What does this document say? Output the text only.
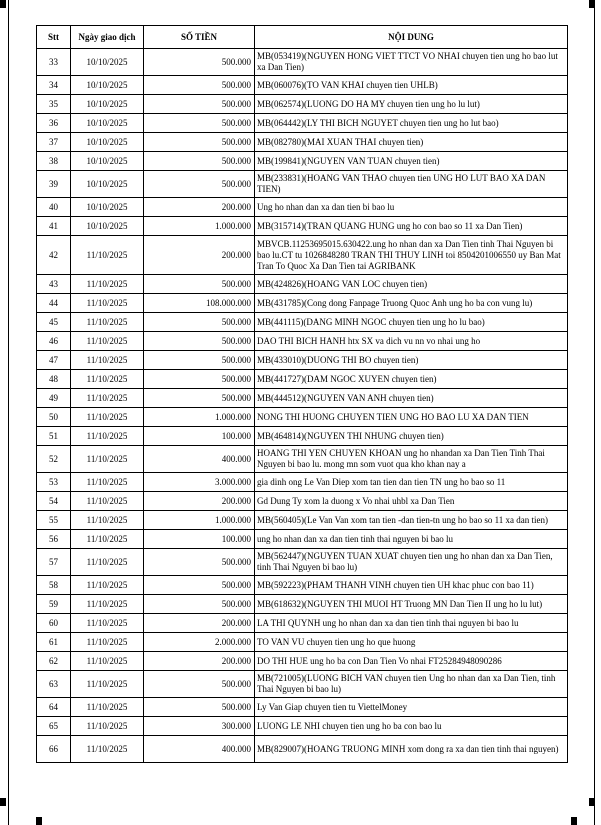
Stt	Ngày giao dịch	SỐ TIỀN	NỘI DUNG
33	10/10/2025	500.000	MB(053419)(NGUYEN HONG VIET TTCT VO NHAI chuyen tien ung ho bao lut xa Dan Tien)
34	10/10/2025	500.000	MB(060076)(TO VAN KHAI chuyen tien UHLB)
35	10/10/2025	500.000	MB(062574)(LUONG DO HA MY chuyen tien ung ho lu lut)
36	10/10/2025	500.000	MB(064442)(LY THI BICH NGUYET chuyen tien ung ho lut bao)
37	10/10/2025	500.000	MB(082780)(MAI XUAN THAI chuyen tien)
38	10/10/2025	500.000	MB(199841)(NGUYEN VAN TUAN chuyen tien)
39	10/10/2025	500.000	MB(233831)(HOANG VAN THAO chuyen tien UNG HO LUT BAO XA DAN TIEN)
40	10/10/2025	200.000	Ung ho nhan dan xa dan tien bi bao lu
41	10/10/2025	1.000.000	MB(315714)(TRAN QUANG HUNG ung ho con bao so 11 xa Dan Tien)
42	11/10/2025	200.000	MBVCB.11253695015.630422.ung ho nhan dan xa Dan Tien tinh Thai Nguyen bi bao lu.CT tu 1026848280 TRAN THI THUY LINH toi 8504201006550 uy Ban Mat Tran To Quoc Xa Dan Tien tai AGRIBANK
43	11/10/2025	500.000	MB(424826)(HOANG VAN LOC chuyen tien)
44	11/10/2025	108.000.000	MB(431785)(Cong dong Fanpage Truong Quoc Anh ung ho ba con vung lu)
45	11/10/2025	500.000	MB(441115)(DANG MINH NGOC chuyen tien ung ho lu bao)
46	11/10/2025	500.000	DAO THI BICH HANH htx SX va dich vu nn vo nhai ung ho
47	11/10/2025	500.000	MB(433010)(DUONG THI BO chuyen tien)
48	11/10/2025	500.000	MB(441727)(DAM NGOC XUYEN chuyen tien)
49	11/10/2025	500.000	MB(444512)(NGUYEN VAN ANH chuyen tien)
50	11/10/2025	1.000.000	NONG THI HUONG CHUYEN TIEN UNG HO BAO LU XA DAN TIEN
51	11/10/2025	100.000	MB(464814)(NGUYEN THI NHUNG chuyen tien)
52	11/10/2025	400.000	HOANG THI YEN CHUYEN KHOAN ung ho nhandan xa Dan Tien Tinh Thai Nguyen bi bao lu. mong mn som vuot qua kho khan nay a
53	11/10/2025	3.000.000	gia dinh ong Le Van Diep xom tan tien dan tien TN ung ho bao so 11
54	11/10/2025	200.000	Gd Dung Ty xom la duong x Vo nhai uhbl xa Dan Tien
55	11/10/2025	1.000.000	MB(560405)(Le Van Van xom tan tien -dan tien-tn ung ho bao so 11 xa dan tien)
56	11/10/2025	100.000	ung ho nhan dan xa dan tien tinh thai nguyen bi bao lu
57	11/10/2025	500.000	MB(562447)(NGUYEN TUAN XUAT chuyen tien ung ho nhan dan xa Dan Tien, tinh Thai Nguyen bi bao lu)
58	11/10/2025	500.000	MB(592223)(PHAM THANH VINH chuyen tien UH khac phuc con bao 11)
59	11/10/2025	500.000	MB(618632)(NGUYEN THI MUOI HT Truong MN Dan Tien II ung ho lu lut)
60	11/10/2025	200.000	LA THI QUYNH ung ho nhan dan xa dan tien tinh thai nguyen bi bao lu
61	11/10/2025	2.000.000	TO VAN VU chuyen tien ung ho que huong
62	11/10/2025	200.000	DO THI HUE ung ho ba con Dan Tien Vo nhai FT25284948090286
63	11/10/2025	500.000	MB(721005)(LUONG BICH VAN chuyen tien Ung ho nhan dan xa Dan Tien, tinh Thai Nguyen bi bao lu)
64	11/10/2025	500.000	Ly Van Giap chuyen tien tu ViettelMoney
65	11/10/2025	300.000	LUONG LE NHI chuyen tien ung ho ba con bao lu
66	11/10/2025	400.000	MB(829007)(HOANG TRUONG MINH xom dong ra xa dan tien tinh thai nguyen)
